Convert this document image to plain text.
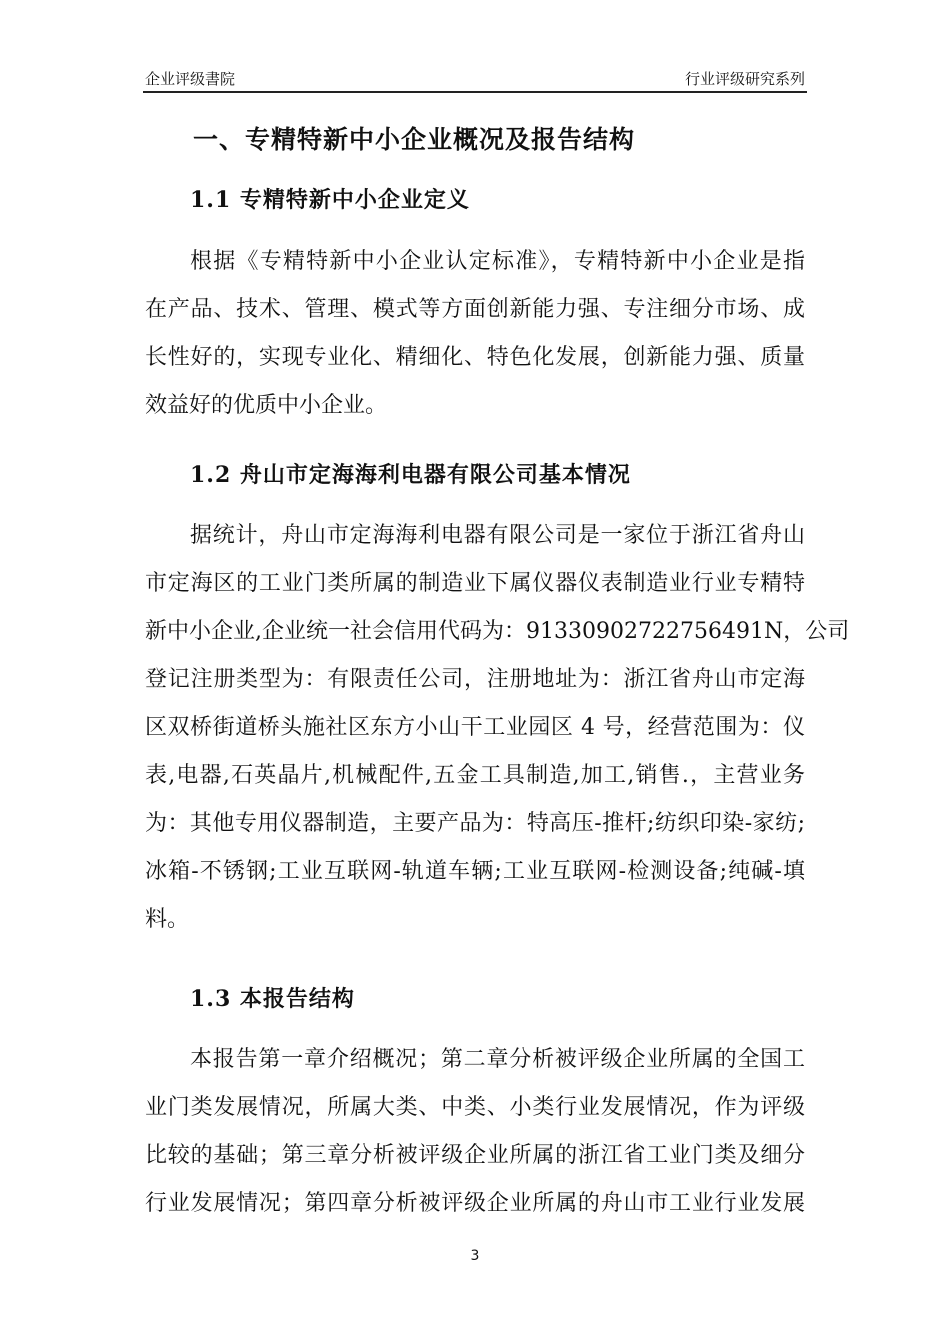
企业评级書院	行业评级研究系列
一、专精特新中小企业概况及报告结构
1.1 专精特新中小企业定义
根据《专精特新中小企业认定标准》，专精特新中小企业是指
在产品、技术、管理、模式等方面创新能力强、专注细分市场、成
长性好的，实现专业化、精细化、特色化发展，创新能力强、质量
效益好的优质中小企业。
1.2 舟山市定海海利电器有限公司基本情况
据统计，舟山市定海海利电器有限公司是一家位于浙江省舟山
市定海区的工业门类所属的制造业下属仪器仪表制造业行业专精特
新中小企业,企业统一社会信用代码为：91330902722756491N，公司
登记注册类型为：有限责任公司，注册地址为：浙江省舟山市定海
区双桥街道桥头施社区东方小山干工业园区 4 号，经营范围为：仪
表,电器,石英晶片,机械配件,五金工具制造,加工,销售.，主营业务
为：其他专用仪器制造，主要产品为：特高压-推杆;纺织印染-家纺;
冰箱-不锈钢;工业互联网-轨道车辆;工业互联网-检测设备;纯碱-填
料。
1.3 本报告结构
本报告第一章介绍概况；第二章分析被评级企业所属的全国工
业门类发展情况，所属大类、中类、小类行业发展情况，作为评级
比较的基础；第三章分析被评级企业所属的浙江省工业门类及细分
行业发展情况；第四章分析被评级企业所属的舟山市工业行业发展
3
